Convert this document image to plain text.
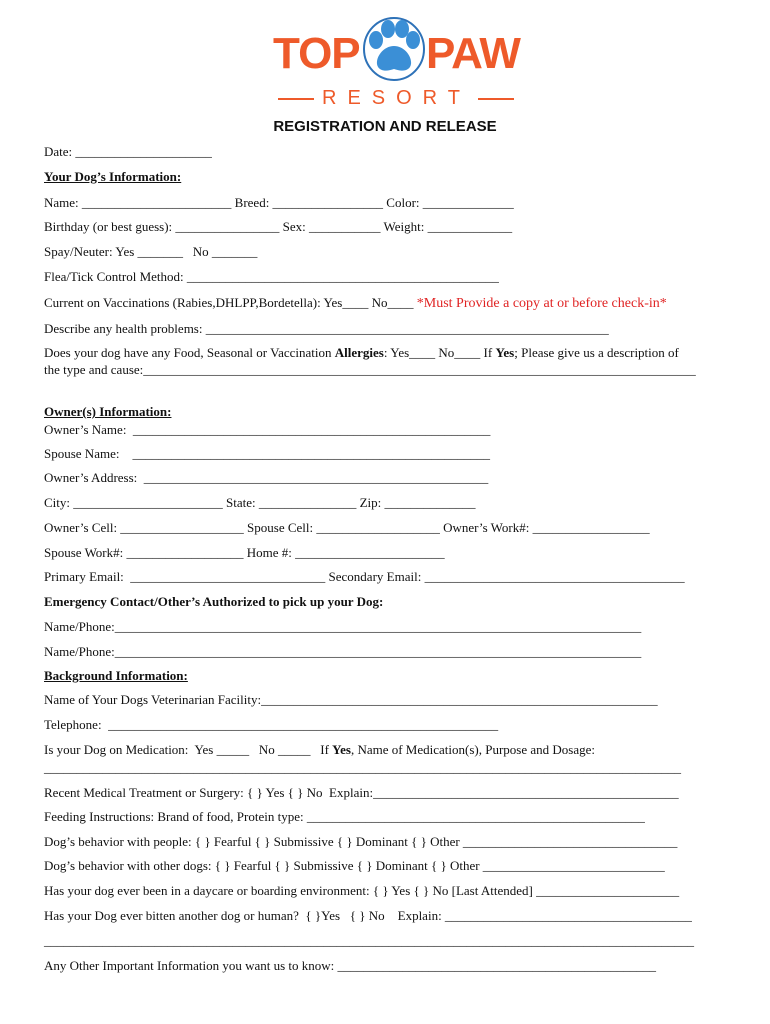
TOP PAW
RESORT
REGISTRATION AND RELEASE
Date: _____________________
Your Dog’s Information:
Name: _______________________ Breed: _________________ Color: ______________
Birthday (or best guess): ________________ Sex: ___________ Weight: _____________
Spay/Neuter: Yes _______   No _______
Flea/Tick Control Method: ________________________________________________
Current on Vaccinations (Rabies,DHLPP,Bordetella): Yes____ No____ *Must Provide a copy at or before check-in*
Describe any health problems: ______________________________________________________________
Does your dog have any Food, Seasonal or Vaccination Allergies: Yes____ No____ If Yes; Please give us a description of
the type and cause:_____________________________________________________________________________________
Owner(s) Information:
Owner’s Name:  _______________________________________________________
Spouse Name:    _______________________________________________________
Owner’s Address:  _____________________________________________________
City: _______________________ State: _______________ Zip: ______________
Owner’s Cell: ___________________ Spouse Cell: ___________________ Owner’s Work#: __________________
Spouse Work#: __________________ Home #: _______________________
Primary Email:  ______________________________ Secondary Email: ________________________________________
Emergency Contact/Other’s Authorized to pick up your Dog:
Name/Phone:_________________________________________________________________________________
Name/Phone:_________________________________________________________________________________
Background Information:
Name of Your Dogs Veterinarian Facility:_____________________________________________________________
Telephone:  ____________________________________________________________
Is your Dog on Medication:  Yes _____   No _____   If Yes, Name of Medication(s), Purpose and Dosage:
__________________________________________________________________________________________________
Recent Medical Treatment or Surgery: { } Yes { } No  Explain:_______________________________________________
Feeding Instructions: Brand of food, Protein type: ____________________________________________________
Dog’s behavior with people: { } Fearful { } Submissive { } Dominant { } Other _________________________________
Dog’s behavior with other dogs: { } Fearful { } Submissive { } Dominant { } Other ____________________________
Has your dog ever been in a daycare or boarding environment: { } Yes { } No [Last Attended] ______________________
Has your Dog ever bitten another dog or human?  { }Yes   { } No    Explain: ______________________________________
____________________________________________________________________________________________________
Any Other Important Information you want us to know: _________________________________________________
